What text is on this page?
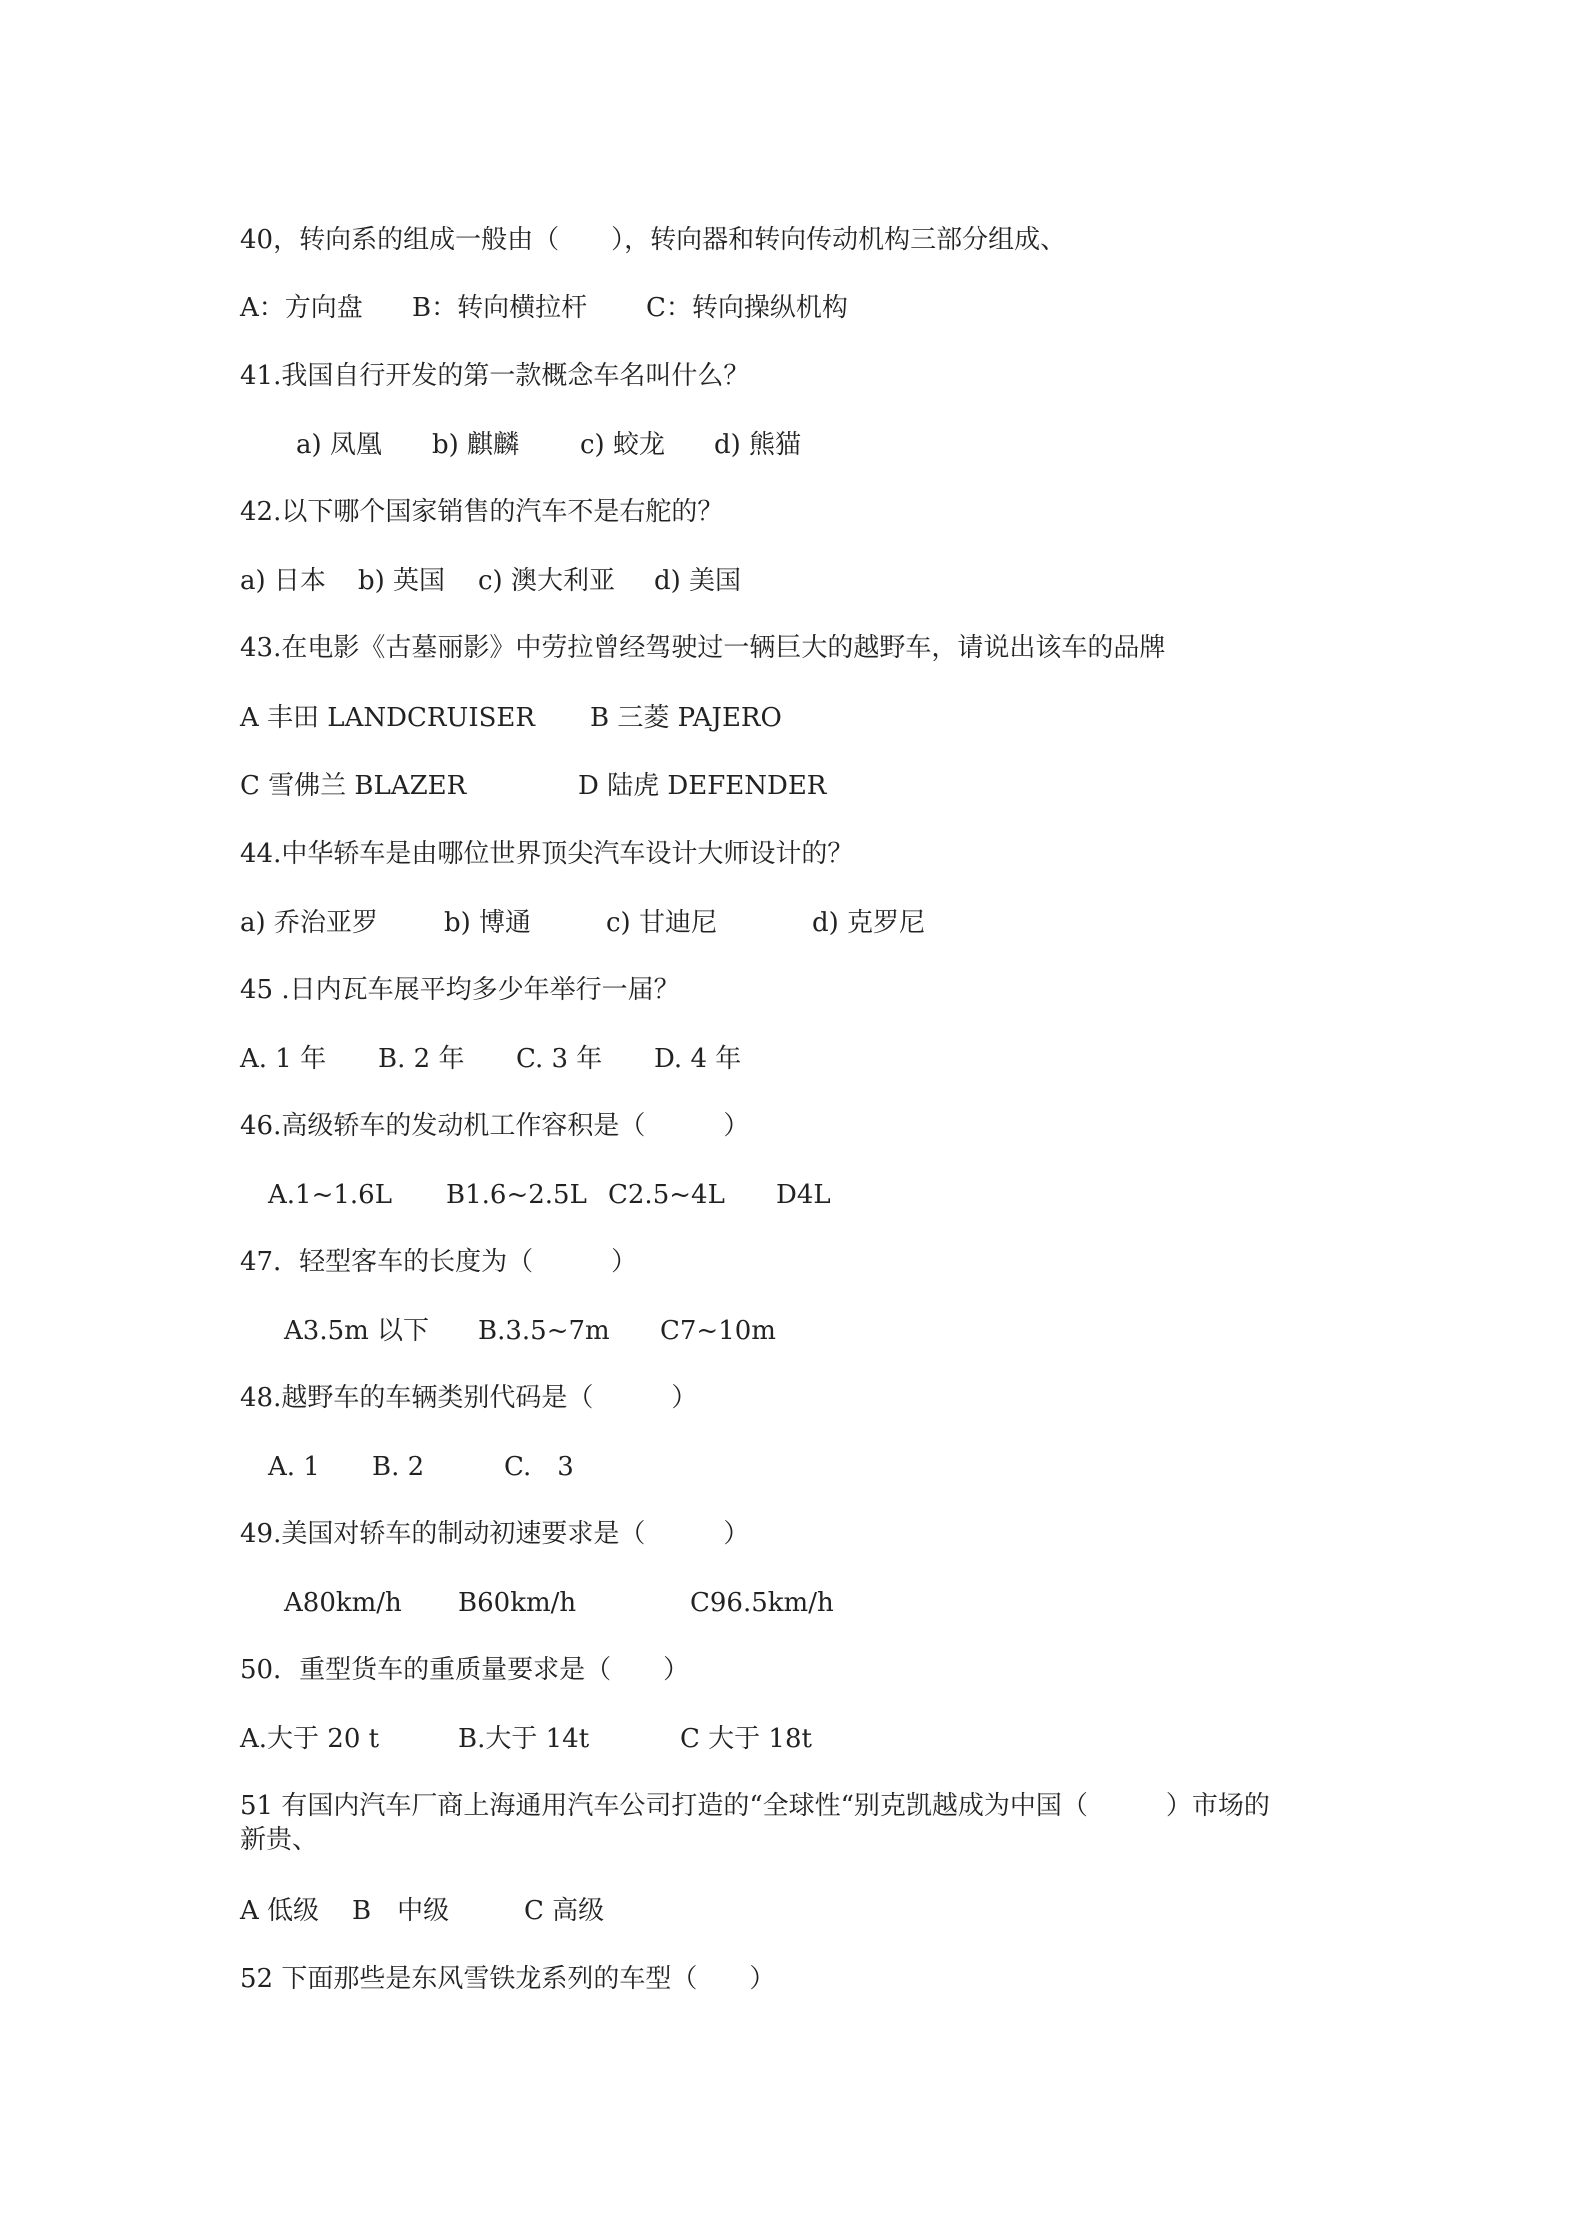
40，转向系的组成一般由（　　），转向器和转向传动机构三部分组成、
A：方向盘 B：转向横拉杆 C：转向操纵机构
41.我国自行开发的第一款概念车名叫什么？
a) 凤凰 b) 麒麟 c) 蛟龙 d) 熊猫
42.以下哪个国家销售的汽车不是右舵的？
a) 日本 b) 英国 c) 澳大利亚 d) 美国
43.在电影《古墓丽影》中劳拉曾经驾驶过一辆巨大的越野车，请说出该车的品牌
A 丰田 LANDCRUISER B 三菱 PAJERO
C 雪佛兰 BLAZER	D 陆虎 DEFENDER
44.中华轿车是由哪位世界顶尖汽车设计大师设计的？
a) 乔治亚罗	b) 博通	c) 甘迪尼	d) 克罗尼
45 .日内瓦车展平均多少年举行一届？
A. 1 年 B. 2 年 C. 3 年 D. 4 年
46.高级轿车的发动机工作容积是（　　　）
A.1~1.6L B1.6~2.5L C2.5~4L D4L
47．轻型客车的长度为（　　　）
A3.5m 以下 B.3.5~7m C7~10m
48.越野车的车辆类别代码是（　　　）
A. 1 B. 2	C.　3
49.美国对轿车的制动初速要求是（　　　）
A80km/h B60km/h	C96.5km/h
50．重型货车的重质量要求是（　　）
A.大于 20 t	B.大于 14t	C 大于 18t
51 有国内汽车厂商上海通用汽车公司打造的“全球性“别克凯越成为中国（　　　）市场的
新贵、
A 低级 B　中级	C 高级
52 下面那些是东风雪铁龙系列的车型（　　）
